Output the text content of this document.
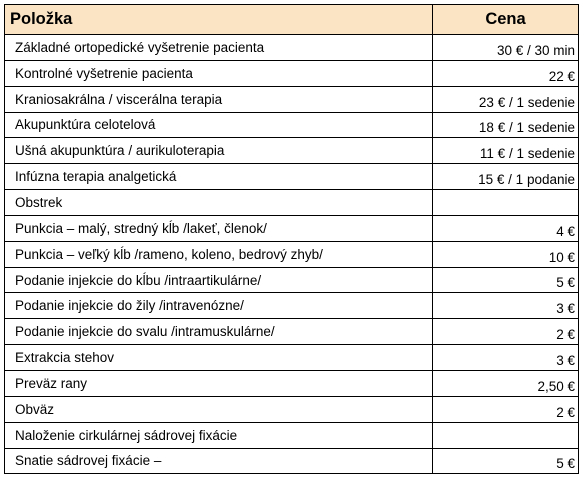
Položka	Cena
Základné ortopedické vyšetrenie pacienta	30 € / 30 min
Kontrolné vyšetrenie pacienta	22 €
Kraniosakrálna / viscerálna terapia	23 € / 1 sedenie
Akupunktúra celotelová	18 € / 1 sedenie
Ušná akupunktúra / aurikuloterapia	11 € / 1 sedenie
Infúzna terapia analgetická	15 € / 1 podanie
Obstrek	
Punkcia – malý, stredný kĺb /lakeť, členok/	4 €
Punkcia – veľký kĺb /rameno, koleno, bedrový zhyb/	10 €
Podanie injekcie do kĺbu /intraartikulárne/	5 €
Podanie injekcie do žily /intravenózne/	3 €
Podanie injekcie do svalu /intramuskulárne/	2 €
Extrakcia stehov	3 €
Preväz rany	2,50 €
Obväz	2 €
Naloženie cirkulárnej sádrovej fixácie	
Snatie sádrovej fixácie –	5 €
